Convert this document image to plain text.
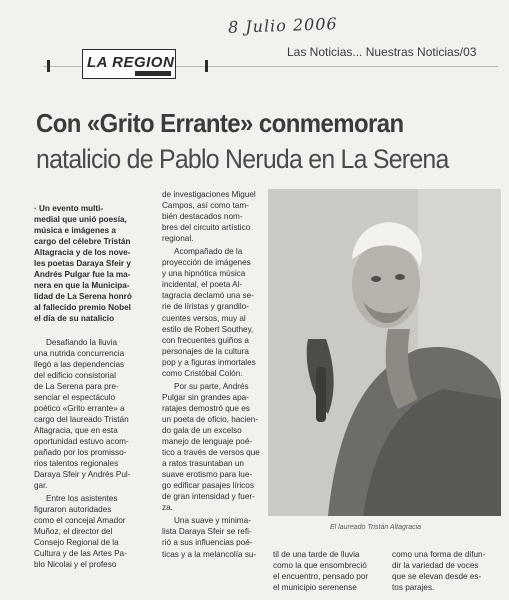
8 Julio 2006
LA REGION
Las Noticias... Nuestras Noticias/03
Con «Grito Errante» conmemoran
natalicio de Pablo Neruda en La Serena
· Un evento multi-
medial que unió poesía,
música e imágenes a
cargo del célebre Tristán
Altagracia y de los nove-
les poetas Daraya Sfeir y
Andrés Pulgar fue la ma-
nera en que la Municipa-
lidad de La Serena honró
al fallecido premio Nobel
el día de su natalicio
Desafiando la lluvia
una nutrida concurrencia
llegó a las dependencias
del edificio consistorial
de La Serena para pre-
senciar el espectáculo
poético «Grito errante» a
cargo del laureado Tristán
Altagracia, que en esta
oportunidad estuvo acom-
pañado por los promisso-
rios talentos regionales
Daraya Sfeir y Andrés Pul-
gar.
Entre los asistentes
figuraron autoridades
como el concejal Amador
Muñoz, el director del
Consejo Regional de la
Cultura y de las Artes Pa-
blo Nicolai y el profeso
de investigaciones Miguel
Campos, así como tam-
bién destacados nom-
bres del circuito artístico
regional.
Acompañado de la
proyección de imágenes
y una hipnótica música
incidental, el poeta Al-
tagracia declamó una se-
rie de líristas y grandilo-
cuentes versos, muy al
estilo de Robert Southey,
con frecuentes guiños a
personajes de la cultura
pop y a figuras inmortales
como Cristóbal Colón.
Por su parte, Andrés
Pulgar sin grandes apa-
ratajes demostró que es
un poeta de oficio, hacien-
do gala de un excelso
manejo de lenguaje poé-
tico a través de versos que
a ratos trasuntaban un
suave erotismo para lue-
go edificar pasajes líricos
de gran intensidad y fuer-
za.
Una suave y minima-
lista Daraya Sfeir se refi-
rió a sus influencias poé-
ticas y a la melancolía su-
El laureado Tristán Altagracia
til de una tarde de lluvia
como la que ensombreció
el encuentro, pensado por
el municipio serenense
como una forma de difun-
dir la variedad de voces
que se elevan desde es-
tos parajes.
